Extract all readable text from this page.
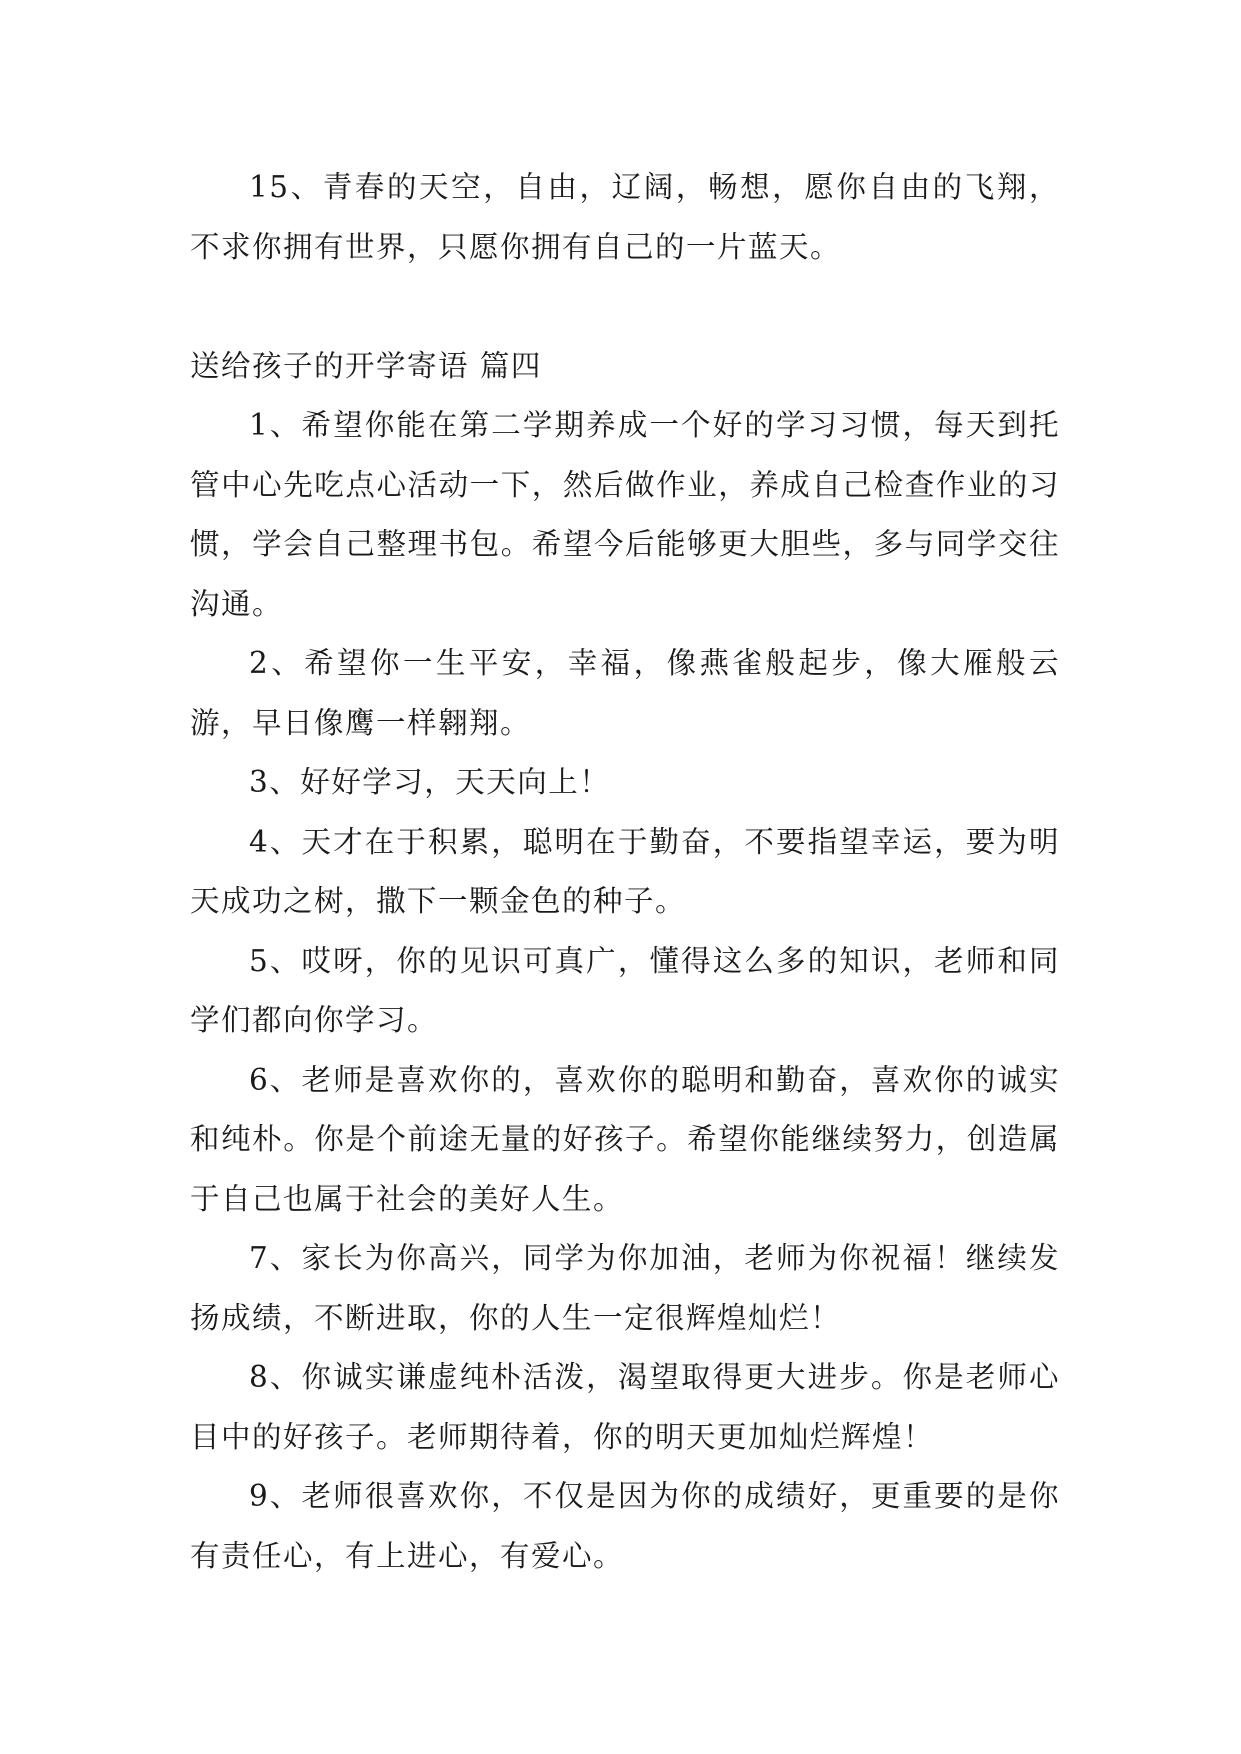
15、青春的天空，自由，辽阔，畅想，愿你自由的飞翔，不求你拥有世界，只愿你拥有自己的一片蓝天。

送给孩子的开学寄语 篇四

1、希望你能在第二学期养成一个好的学习习惯，每天到托管中心先吃点心活动一下，然后做作业，养成自己检查作业的习惯，学会自己整理书包。希望今后能够更大胆些，多与同学交往沟通。

2、希望你一生平安，幸福，像燕雀般起步，像大雁般云游，早日像鹰一样翱翔。

3、好好学习，天天向上！

4、天才在于积累，聪明在于勤奋，不要指望幸运，要为明天成功之树，撒下一颗金色的种子。

5、哎呀，你的见识可真广，懂得这么多的知识，老师和同学们都向你学习。

6、老师是喜欢你的，喜欢你的聪明和勤奋，喜欢你的诚实和纯朴。你是个前途无量的好孩子。希望你能继续努力，创造属于自己也属于社会的美好人生。

7、家长为你高兴，同学为你加油，老师为你祝福！继续发扬成绩，不断进取，你的人生一定很辉煌灿烂！

8、你诚实谦虚纯朴活泼，渴望取得更大进步。你是老师心目中的好孩子。老师期待着，你的明天更加灿烂辉煌！

9、老师很喜欢你，不仅是因为你的成绩好，更重要的是你有责任心，有上进心，有爱心。
